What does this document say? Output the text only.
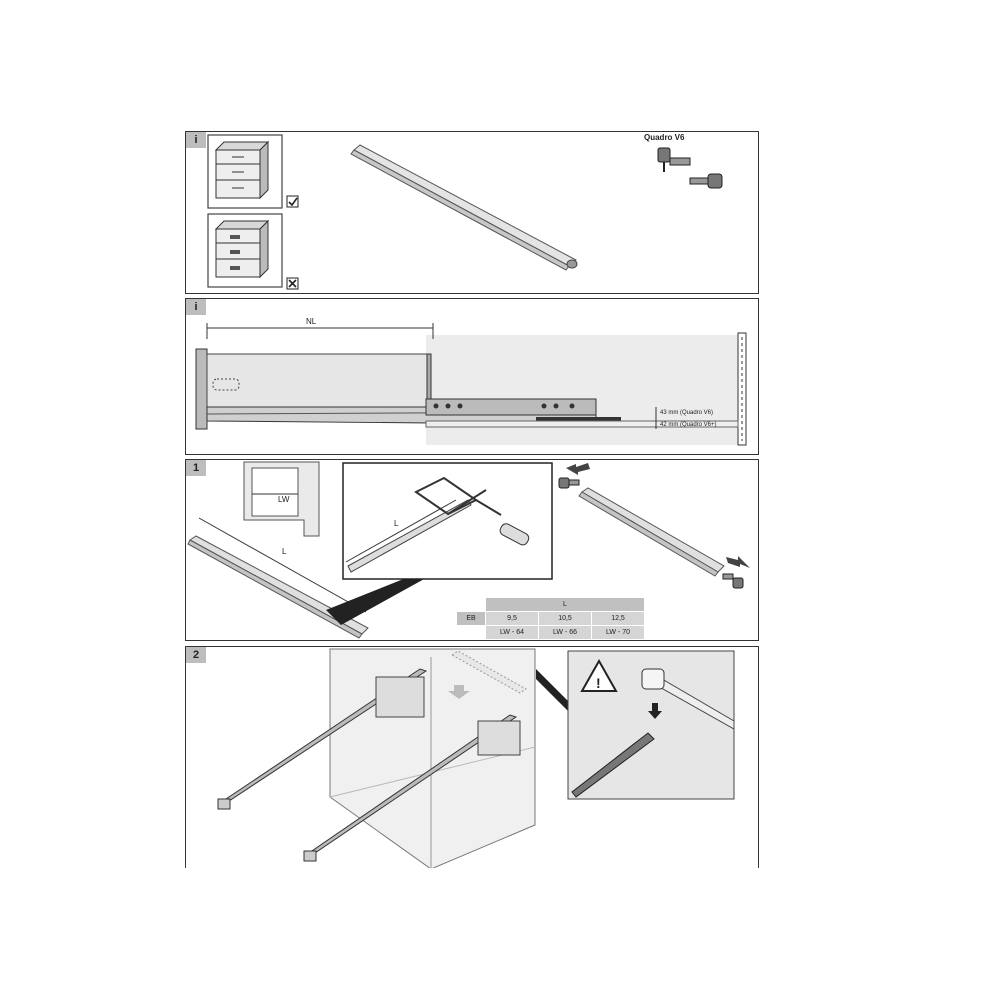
i	Quadro V6
i
NL
43 mm (Quadro V6)
42 mm (Quadro V6+)
1
LW
L
L
	L		
EB	9,5	10,5	12,5
	LW - 64	LW - 66	LW - 70
2
!
